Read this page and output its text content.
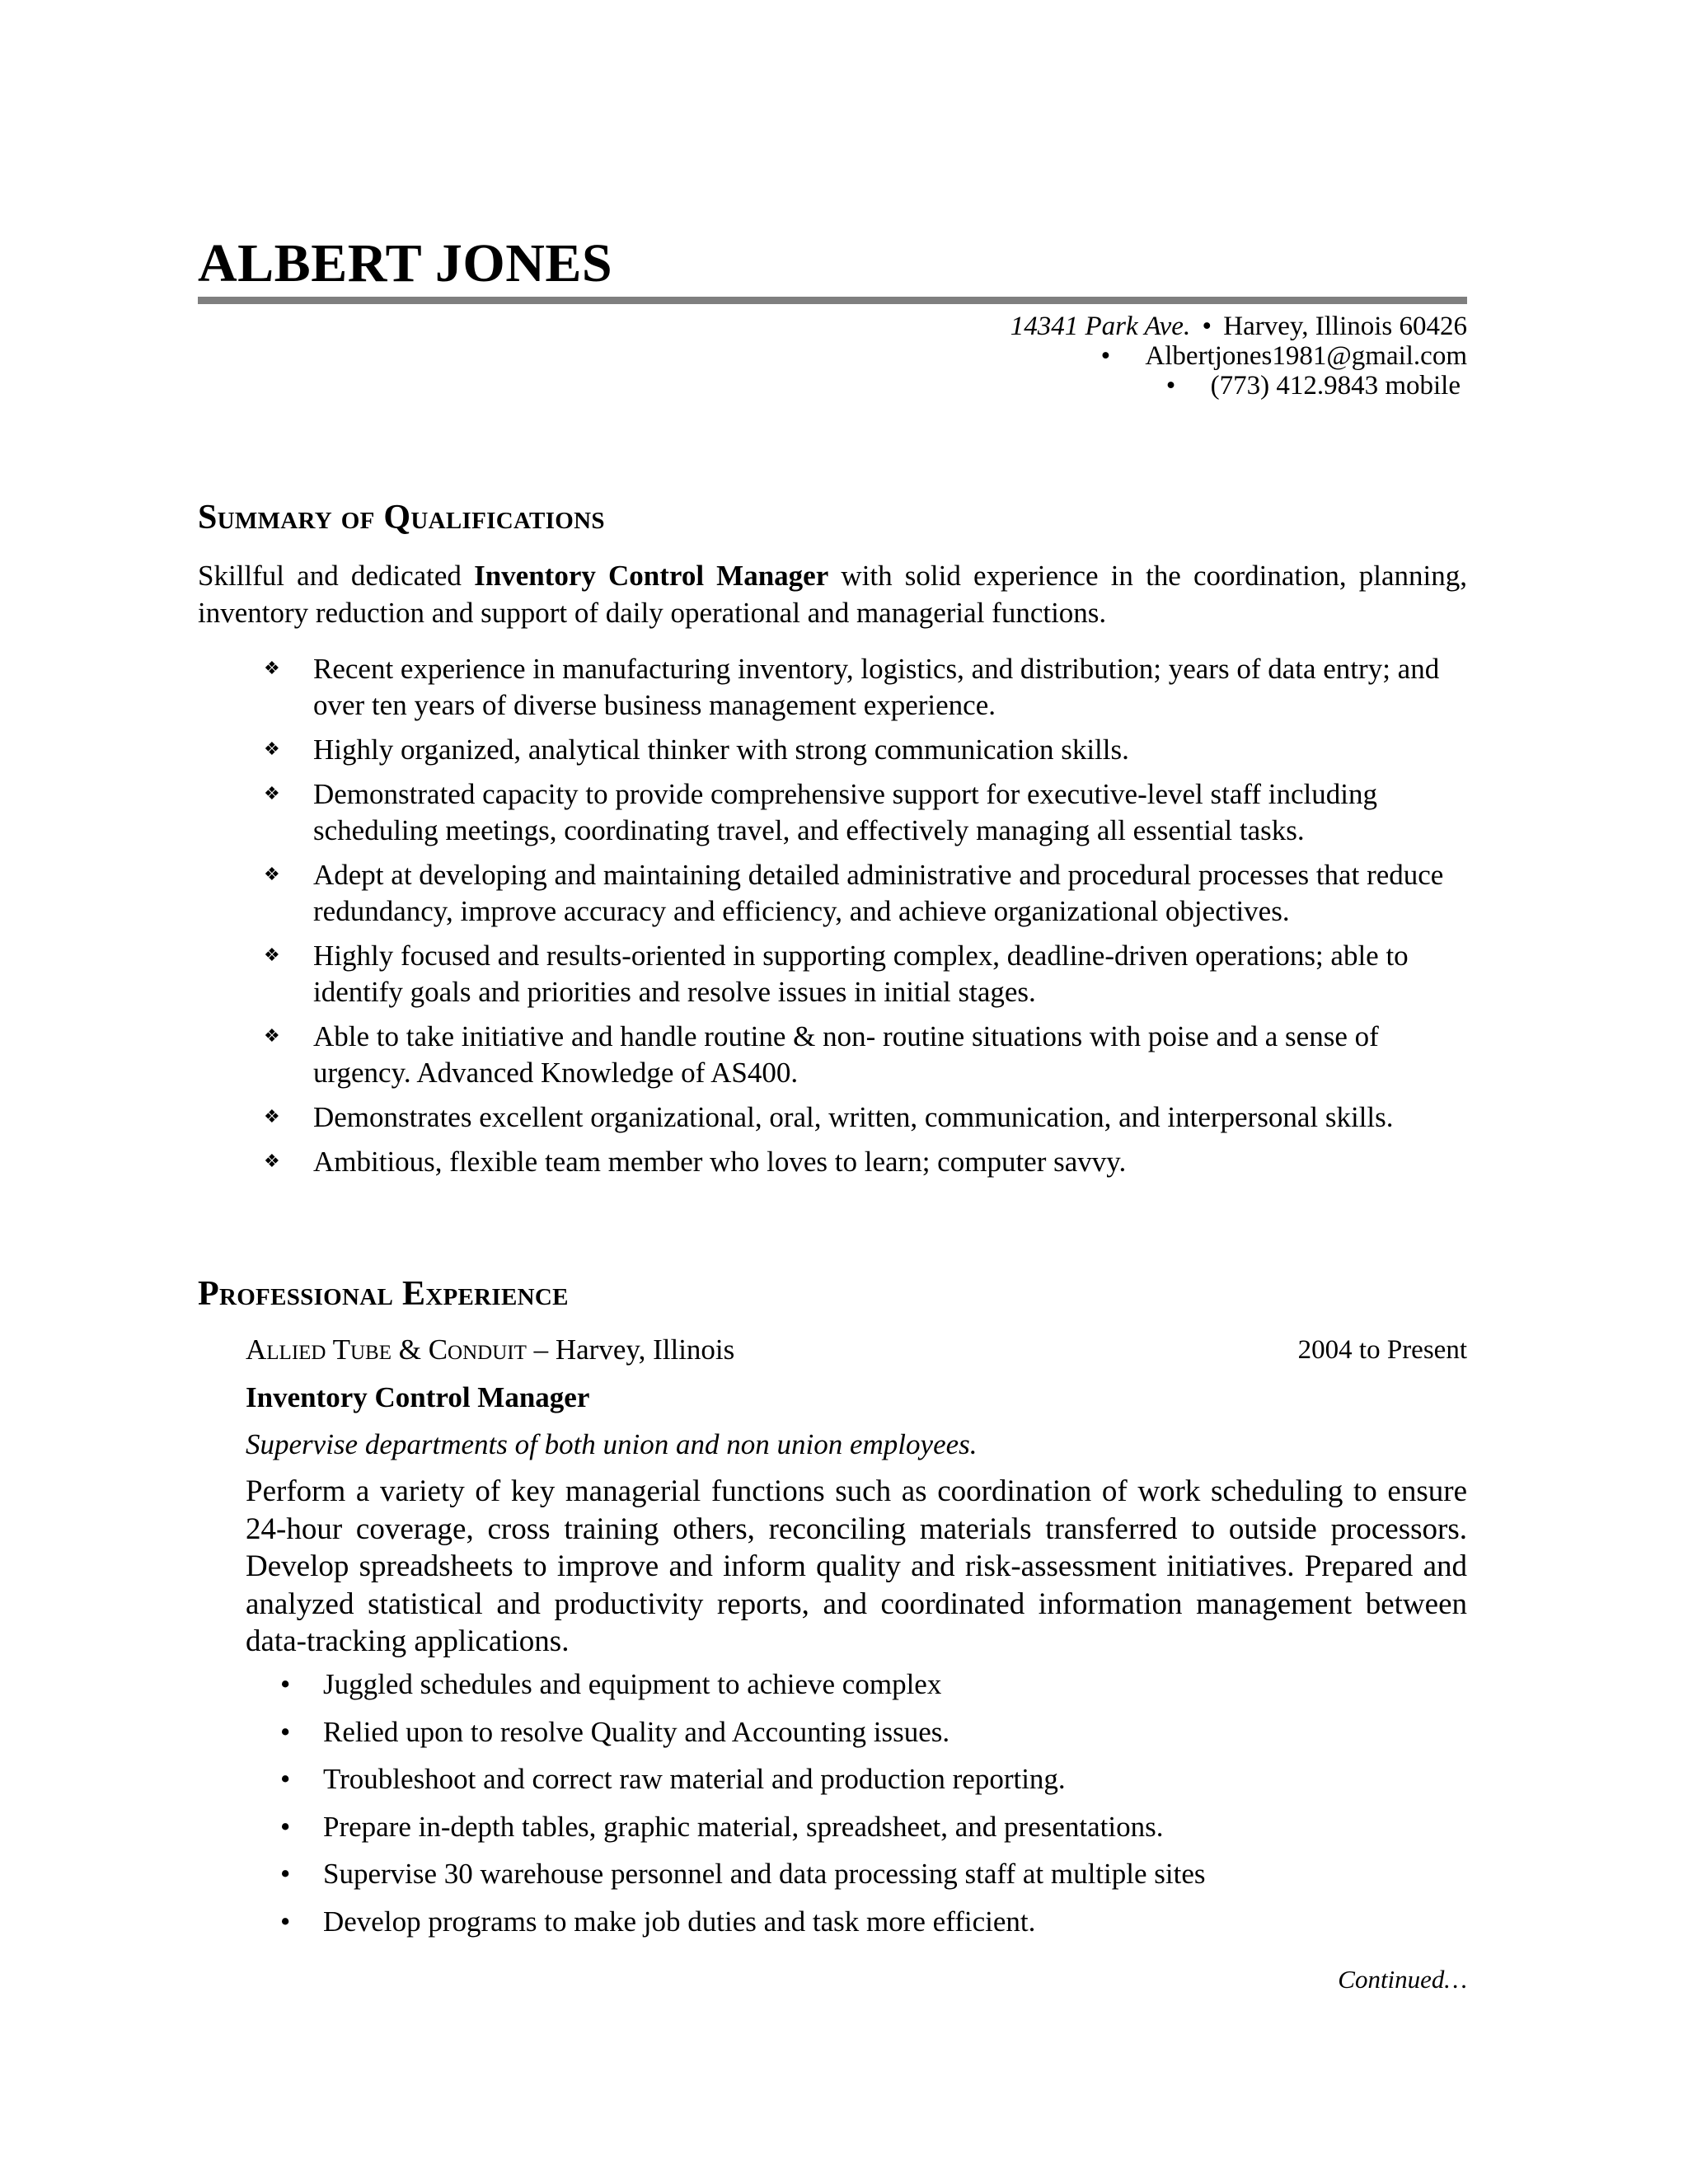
ALBERT JONES
14341 Park Ave. • Harvey, Illinois 60426
• Albertjones1981@gmail.com
• (773) 412.9843 mobile
Summary of Qualifications

Skillful and dedicated Inventory Control Manager with solid experience in the coordination, planning, inventory reduction and support of daily operational and managerial functions.

❖ Recent experience in manufacturing inventory, logistics, and distribution; years of data entry; and over ten years of diverse business management experience.
❖ Highly organized, analytical thinker with strong communication skills.
❖ Demonstrated capacity to provide comprehensive support for executive-level staff including scheduling meetings, coordinating travel, and effectively managing all essential tasks.
❖ Adept at developing and maintaining detailed administrative and procedural processes that reduce redundancy, improve accuracy and efficiency, and achieve organizational objectives.
❖ Highly focused and results-oriented in supporting complex, deadline-driven operations; able to identify goals and priorities and resolve issues in initial stages.
❖ Able to take initiative and handle routine & non- routine situations with poise and a sense of urgency. Advanced Knowledge of AS400.
❖ Demonstrates excellent organizational, oral, written, communication, and interpersonal skills.
❖ Ambitious, flexible team member who loves to learn; computer savvy.
Professional Experience
Allied Tube & Conduit – Harvey, Illinois	2004 to Present

Inventory Control Manager

Supervise departments of both union and non union employees.

Perform a variety of key managerial functions such as coordination of work scheduling to ensure 24-hour coverage, cross training others, reconciling materials transferred to outside processors. Develop spreadsheets to improve and inform quality and risk-assessment initiatives. Prepared and analyzed statistical and productivity reports, and coordinated information management between data-tracking applications.

• Juggled schedules and equipment to achieve complex
• Relied upon to resolve Quality and Accounting issues.
• Troubleshoot and correct raw material and production reporting.
• Prepare in-depth tables, graphic material, spreadsheet, and presentations.
• Supervise 30 warehouse personnel and data processing staff at multiple sites
• Develop programs to make job duties and task more efficient.
Continued…
